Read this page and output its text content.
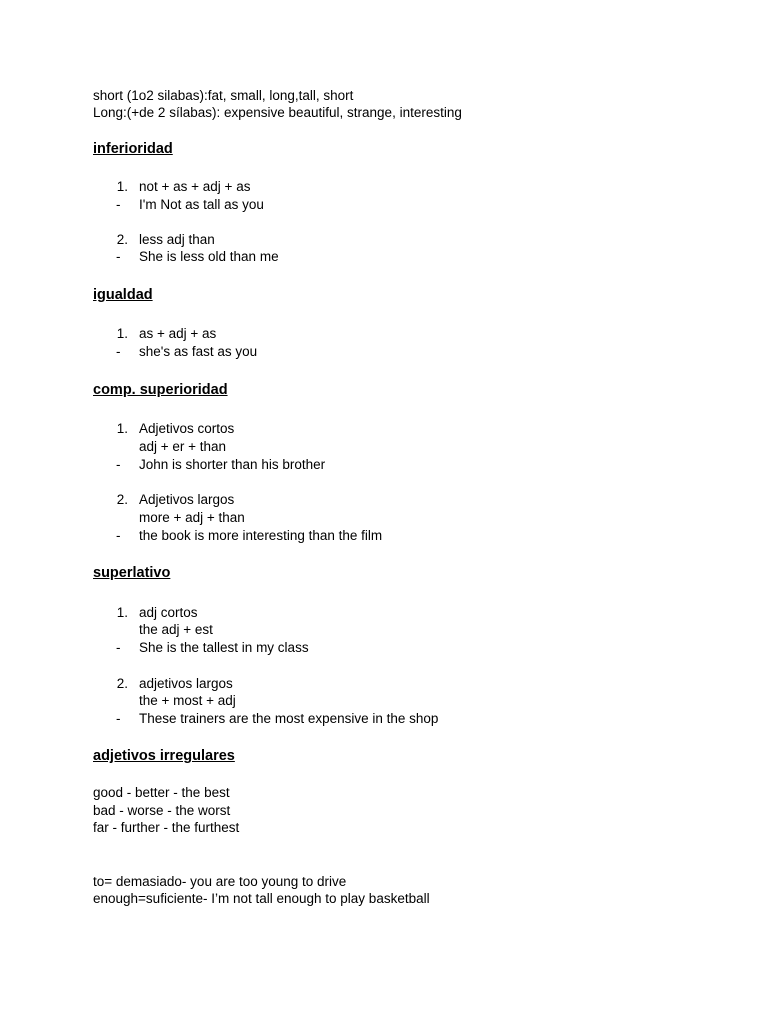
short (1o2 silabas):fat, small, long,tall, short
Long:(+de 2 sílabas): expensive beautiful, strange, interesting
inferioridad
1. not + as + adj + as
- I'm Not as tall as you
2. less adj than
- She is less old than me
igualdad
1. as + adj + as
- she's as fast as you
comp. superioridad
1. Adjetivos cortos
adj + er + than
- John is shorter than his brother
2. Adjetivos largos
more + adj + than
- the book is more interesting than the film
superlativo
1. adj cortos
the adj + est
- She is the tallest in my class
2. adjetivos largos
the + most + adj
- These trainers are the most expensive in the shop
adjetivos irregulares
good - better - the best
bad - worse - the worst
far - further - the furthest
to= demasiado- you are too young to drive
enough=suficiente- I’m not tall enough to play basketball
